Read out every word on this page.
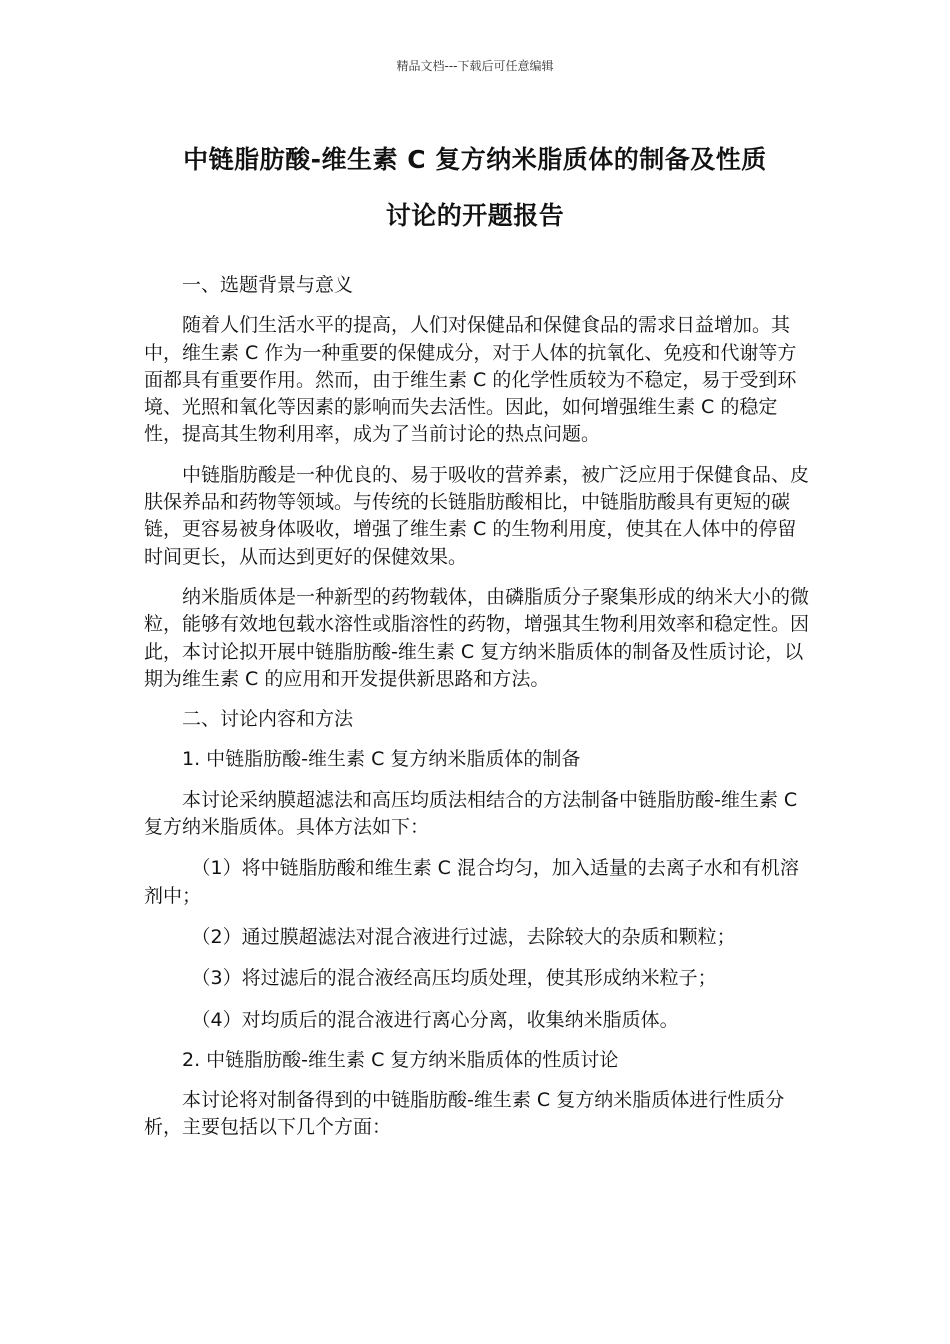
精品文档---下载后可任意编辑
中链脂肪酸-维生素 C 复方纳米脂质体的制备及性质
讨论的开题报告

一、选题背景与意义

随着人们生活水平的提高，人们对保健品和保健食品的需求日益增加。其中，维生素 C 作为一种重要的保健成分，对于人体的抗氧化、免疫和代谢等方面都具有重要作用。然而，由于维生素 C 的化学性质较为不稳定，易于受到环境、光照和氧化等因素的影响而失去活性。因此，如何增强维生素 C 的稳定性，提高其生物利用率，成为了当前讨论的热点问题。

中链脂肪酸是一种优良的、易于吸收的营养素，被广泛应用于保健食品、皮肤保养品和药物等领域。与传统的长链脂肪酸相比，中链脂肪酸具有更短的碳链，更容易被身体吸收，增强了维生素 C 的生物利用度，使其在人体中的停留时间更长，从而达到更好的保健效果。

纳米脂质体是一种新型的药物载体，由磷脂质分子聚集形成的纳米大小的微粒，能够有效地包载水溶性或脂溶性的药物，增强其生物利用效率和稳定性。因此，本讨论拟开展中链脂肪酸-维生素 C 复方纳米脂质体的制备及性质讨论，以期为维生素 C 的应用和开发提供新思路和方法。

二、讨论内容和方法

1. 中链脂肪酸-维生素 C 复方纳米脂质体的制备

本讨论采纳膜超滤法和高压均质法相结合的方法制备中链脂肪酸-维生素 C 复方纳米脂质体。具体方法如下：

（1）将中链脂肪酸和维生素 C 混合均匀，加入适量的去离子水和有机溶剂中；

（2）通过膜超滤法对混合液进行过滤，去除较大的杂质和颗粒；

（3）将过滤后的混合液经高压均质处理，使其形成纳米粒子；

（4）对均质后的混合液进行离心分离，收集纳米脂质体。

2. 中链脂肪酸-维生素 C 复方纳米脂质体的性质讨论

本讨论将对制备得到的中链脂肪酸-维生素 C 复方纳米脂质体进行性质分析，主要包括以下几个方面：
